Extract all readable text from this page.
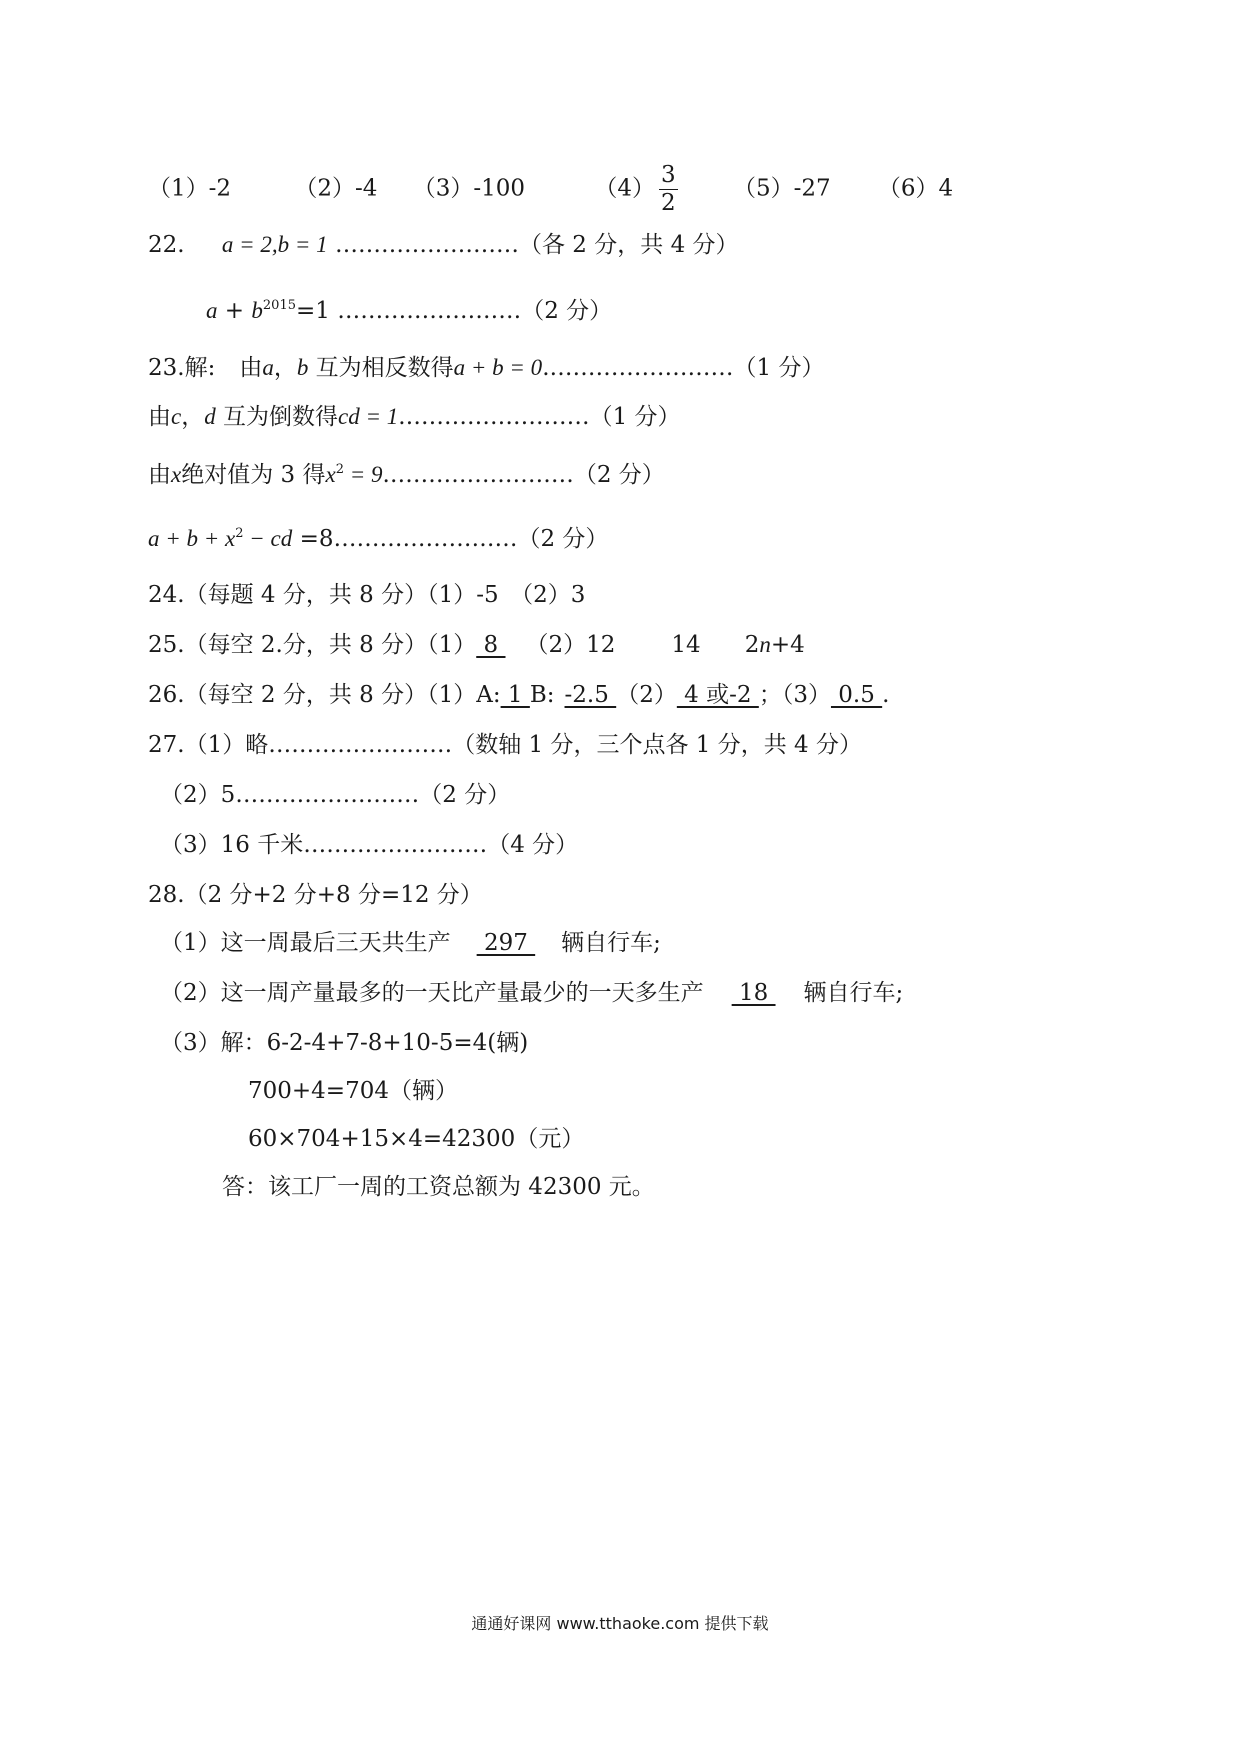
（1）-2	（2）-4 （3）-100	$(4) \frac{3}{2} (5)-27$ （6）4
22. a = 2,b = 1 ……………………（各 2 分，共 4 分）
$a + b^{2015}=1$ ……………………（2 分）
23.解: 由a，b 互为相反数得a + b = 0.……………………（1 分）
由c，d 互为倒数得cd = 1.……………………（1 分）
由x绝对值为 3 得$x^2$ = 9.……………………（2 分）
$a + b + x^2$ − cd =8……………………（2 分）
24.（每题 4 分，共 8 分）（1）-5　（2）3
25.（每空 2.分，共 8 分）（1） 8 （2）12 14 2n+4
26.（每空 2 分，共 8 分）（1）A: 1 B: -2.5 （2） 4 或-2 ；（3） 0.5 .
27.（1）略……………………（数轴 1 分，三个点各 1 分，共 4 分）
（2）5……………………（2 分）
（3）16 千米……………………（4 分）
28.（2 分+2 分+8 分=12 分）
（1）这一周最后三天共生产 297 辆自行车;
（2）这一周产量最多的一天比产量最少的一天多生产 18 辆自行车;
（3）解：6-2-4+7-8+10-5=4(辆)
700+4=704（辆）
60×704+15×4=42300（元）
答：该工厂一周的工资总额为 42300 元。
通通好课网 www.tthaoke.com 提供下载
